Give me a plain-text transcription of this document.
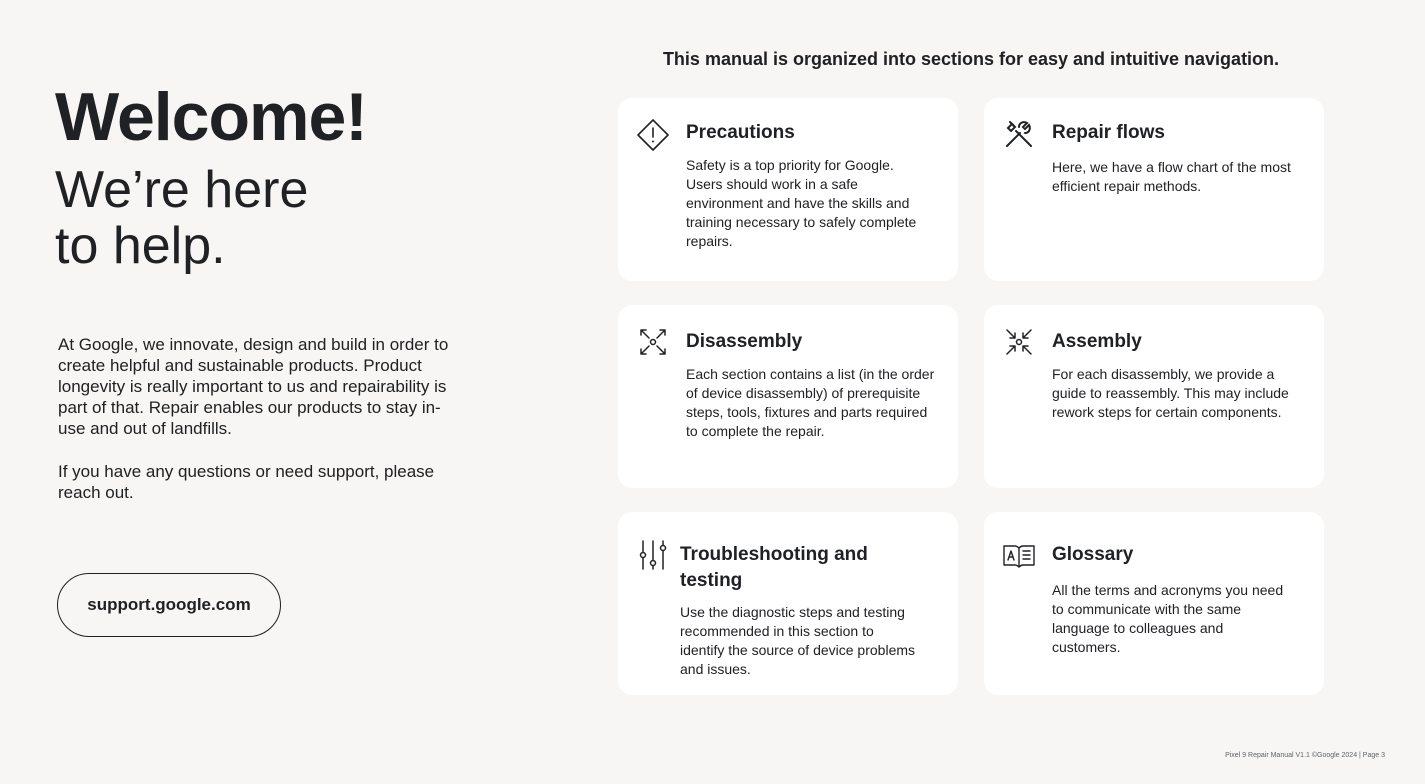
Welcome!

We’re here

to help.

At Google, we innovate, design and build in order to create helpful and sustainable products. Product longevity is really important to us and repairability is part of that. Repair enables our products to stay in-use and out of landfills.

If you have any questions or need support, please reach out.

support.google.com
This manual is organized into sections for easy and intuitive navigation.
Precautions

Safety is a top priority for Google. Users should work in a safe environment and have the skills and training necessary to safely complete repairs.

Repair flows

Here, we have a flow chart of the most efficient repair methods.

Disassembly

Each section contains a list (in the order of device disassembly) of prerequisite steps, tools, fixtures and parts required to complete the repair.

Assembly

For each disassembly, we provide a guide to reassembly. This may include rework steps for certain components.

Troubleshooting and testing

Use the diagnostic steps and testing recommended in this section to identify the source of device problems and issues.

Glossary

All the terms and acronyms you need to communicate with the same language to colleagues and customers.

Pixel 9 Repair Manual V1.1 ©Google 2024 | Page 3
